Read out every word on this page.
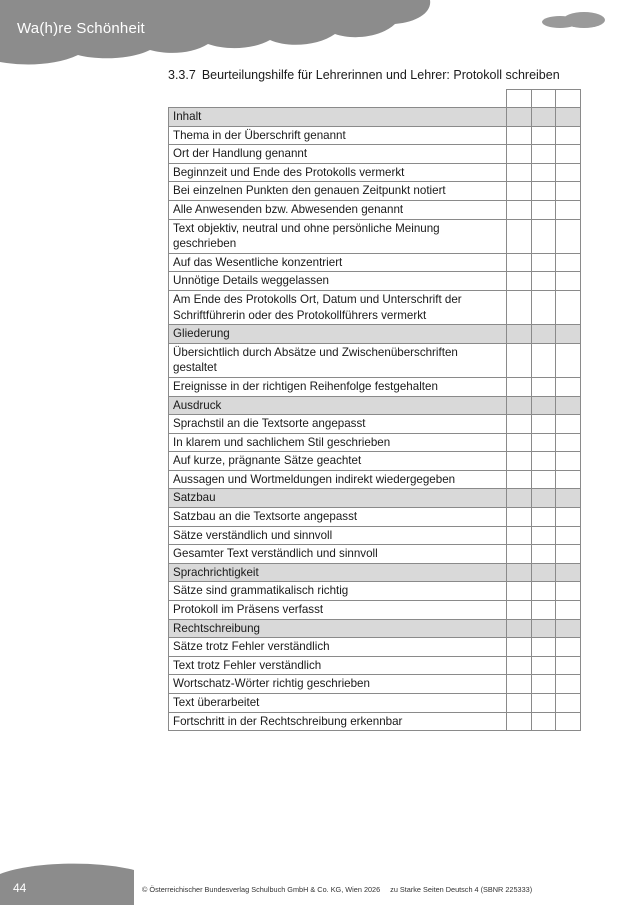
Wa(h)re Schönheit
3.3.7 Beurteilungshilfe für Lehrerinnen und Lehrer: Protokoll schreiben

Inhalt			
Thema in der Überschrift genannt			
Ort der Handlung genannt			
Beginnzeit und Ende des Protokolls vermerkt			
Bei einzelnen Punkten den genauen Zeitpunkt notiert			
Alle Anwesenden bzw. Abwesenden genannt			
Text objektiv, neutral und ohne persönliche Meinung geschrieben			
Auf das Wesentliche konzentriert			
Unnötige Details weggelassen			
Am Ende des Protokolls Ort, Datum und Unterschrift der Schriftführerin oder des Protokollführers vermerkt			
Gliederung			
Übersichtlich durch Absätze und Zwischenüberschriften gestaltet			
Ereignisse in der richtigen Reihenfolge festgehalten			
Ausdruck			
Sprachstil an die Textsorte angepasst			
In klarem und sachlichem Stil geschrieben			
Auf kurze, prägnante Sätze geachtet			
Aussagen und Wortmeldungen indirekt wiedergegeben			
Satzbau			
Satzbau an die Textsorte angepasst			
Sätze verständlich und sinnvoll			
Gesamter Text verständlich und sinnvoll			
Sprachrichtigkeit			
Sätze sind grammatikalisch richtig			
Protokoll im Präsens verfasst			
Rechtschreibung			
Sätze trotz Fehler verständlich			
Text trotz Fehler verständlich			
Wortschatz-Wörter richtig geschrieben			
Text überarbeitet			
Fortschritt in der Rechtschreibung erkennbar			
44	© Österreichischer Bundesverlag Schulbuch GmbH & Co. KG, Wien 2026 zu Starke Seiten Deutsch 4 (SBNR 225333)
